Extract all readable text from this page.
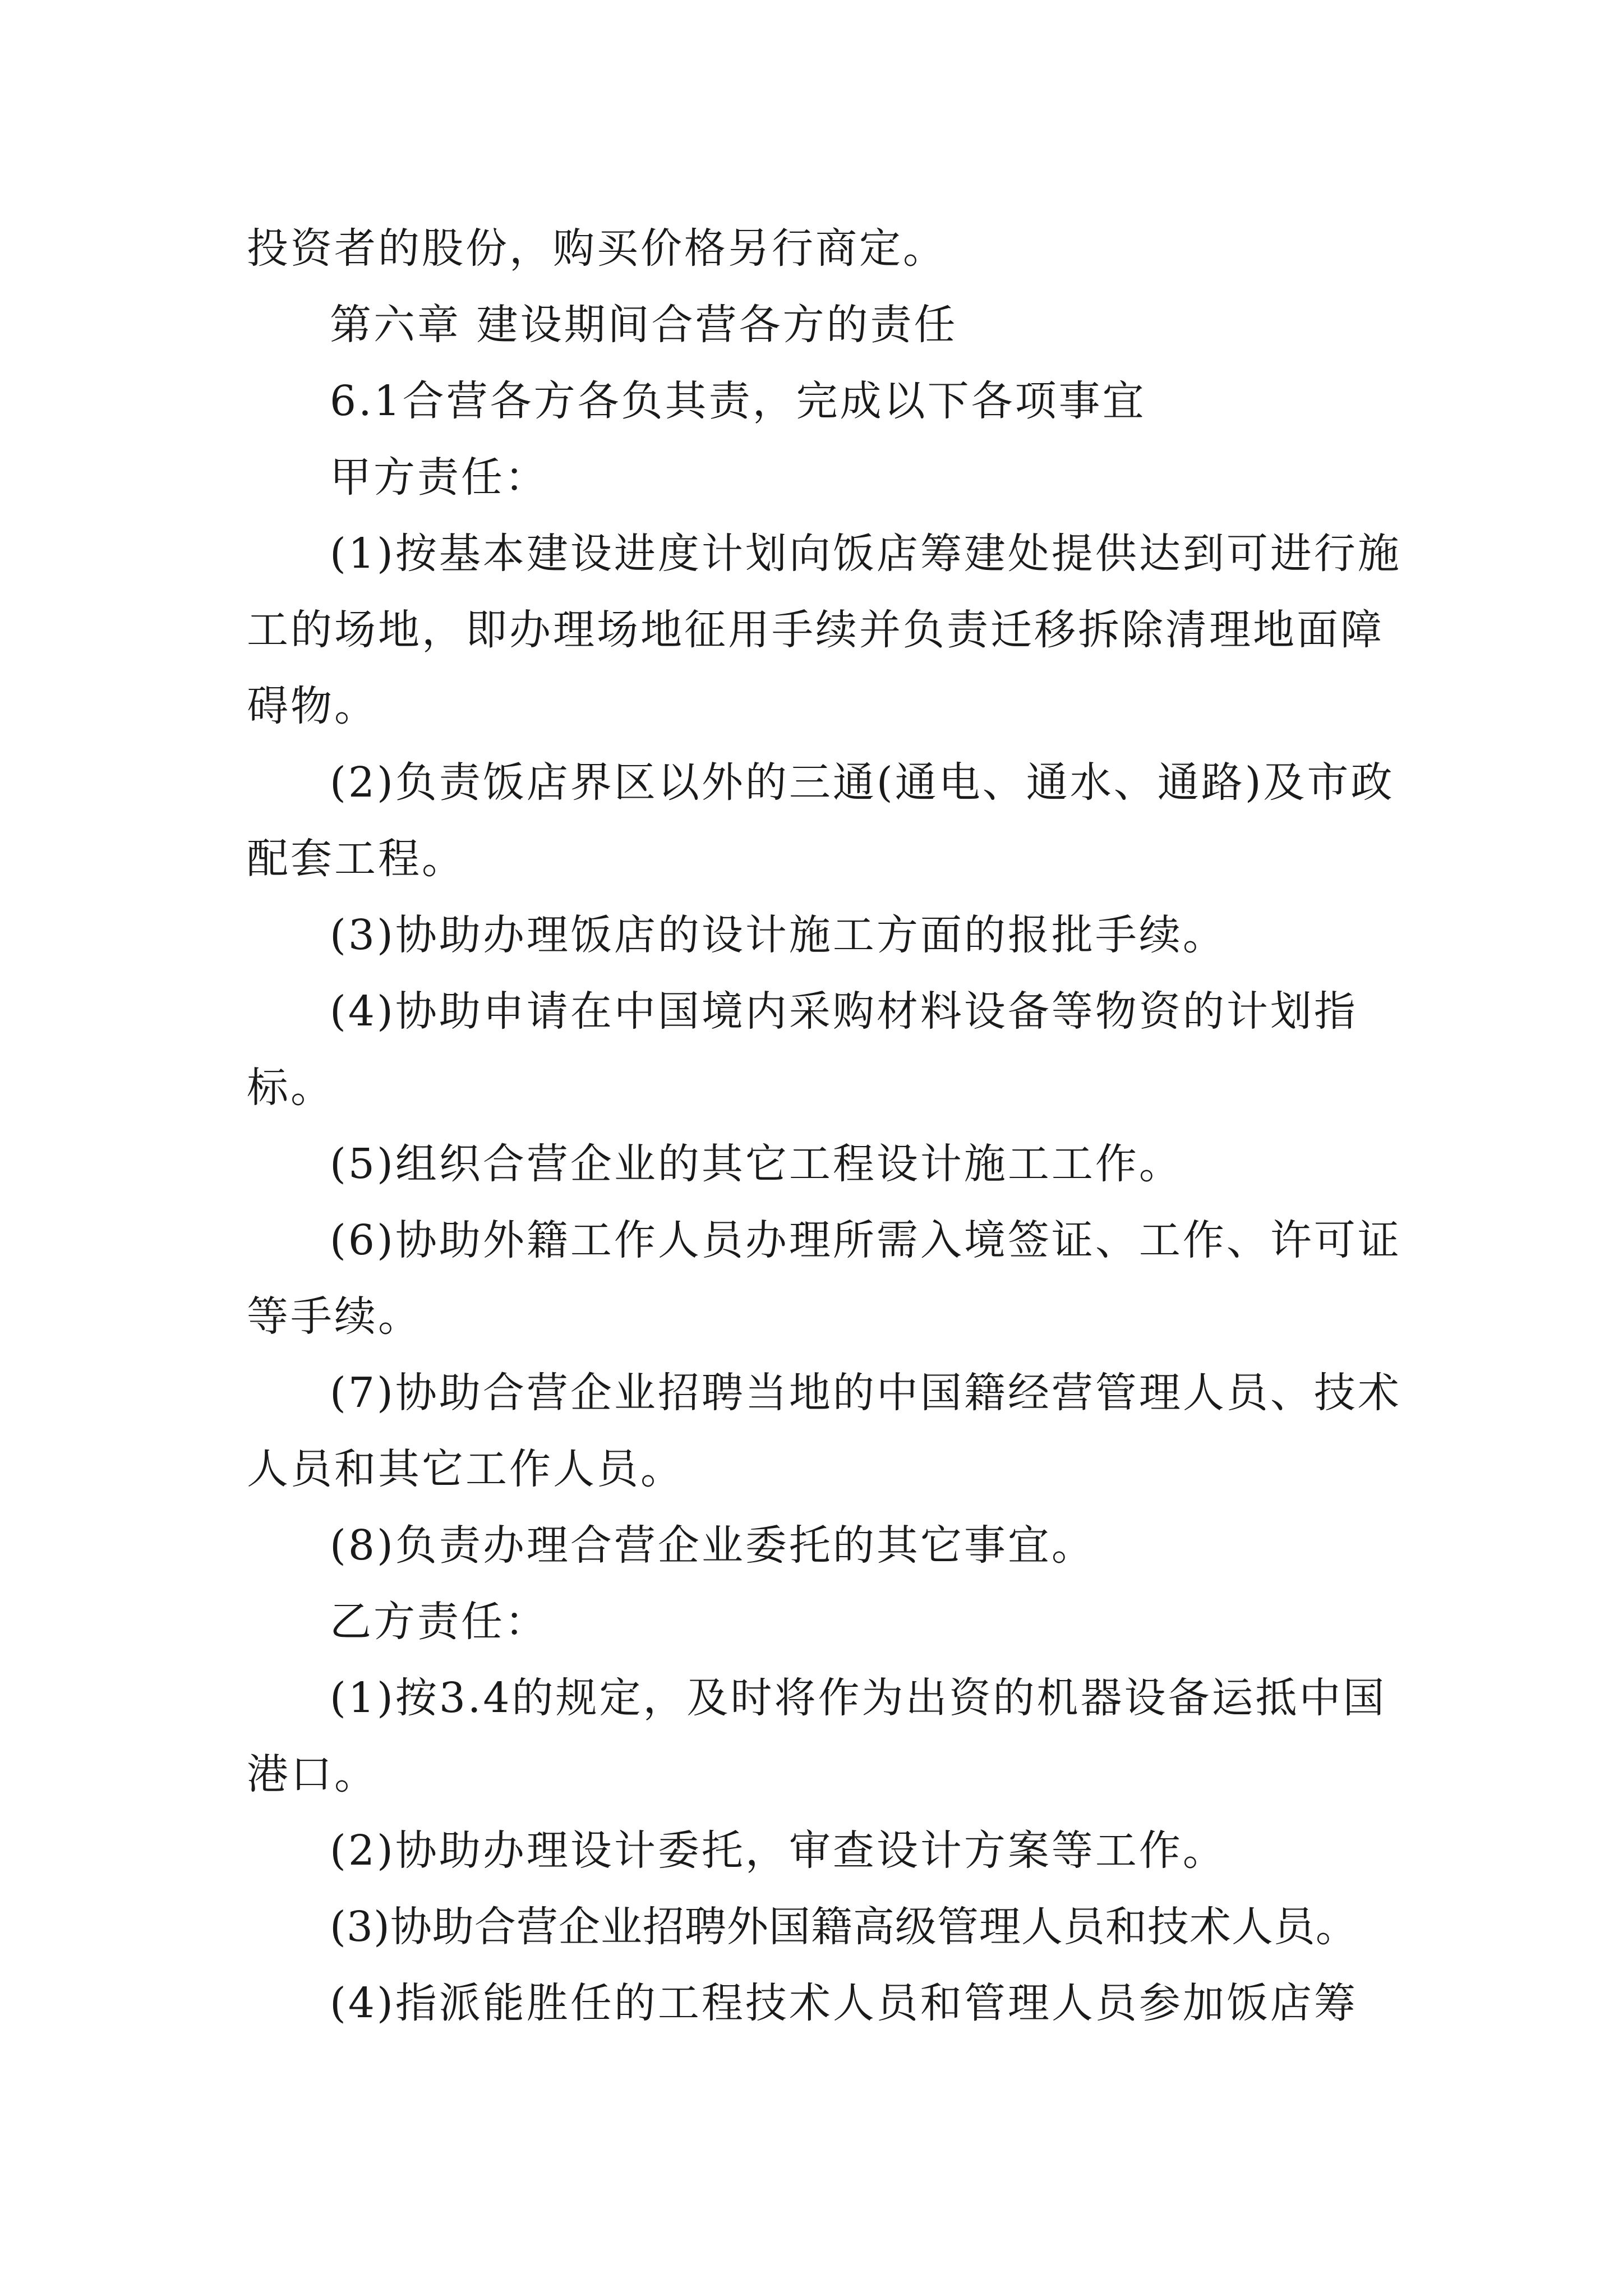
投资者的股份，购买价格另行商定。

第六章 建设期间合营各方的责任

6.1合营各方各负其责，完成以下各项事宜

甲方责任：

(1)按基本建设进度计划向饭店筹建处提供达到可进行施工的场地，即办理场地征用手续并负责迁移拆除清理地面障碍物。

(2)负责饭店界区以外的三通(通电、通水、通路)及市政配套工程。

(3)协助办理饭店的设计施工方面的报批手续。

(4)协助申请在中国境内采购材料设备等物资的计划指标。

(5)组织合营企业的其它工程设计施工工作。

(6)协助外籍工作人员办理所需入境签证、工作、许可证等手续。

(7)协助合营企业招聘当地的中国籍经营管理人员、技术人员和其它工作人员。

(8)负责办理合营企业委托的其它事宜。

乙方责任：

(1)按3.4的规定，及时将作为出资的机器设备运抵中国港口。

(2)协助办理设计委托，审查设计方案等工作。

(3)协助合营企业招聘外国籍高级管理人员和技术人员。

(4)指派能胜任的工程技术人员和管理人员参加饭店筹
